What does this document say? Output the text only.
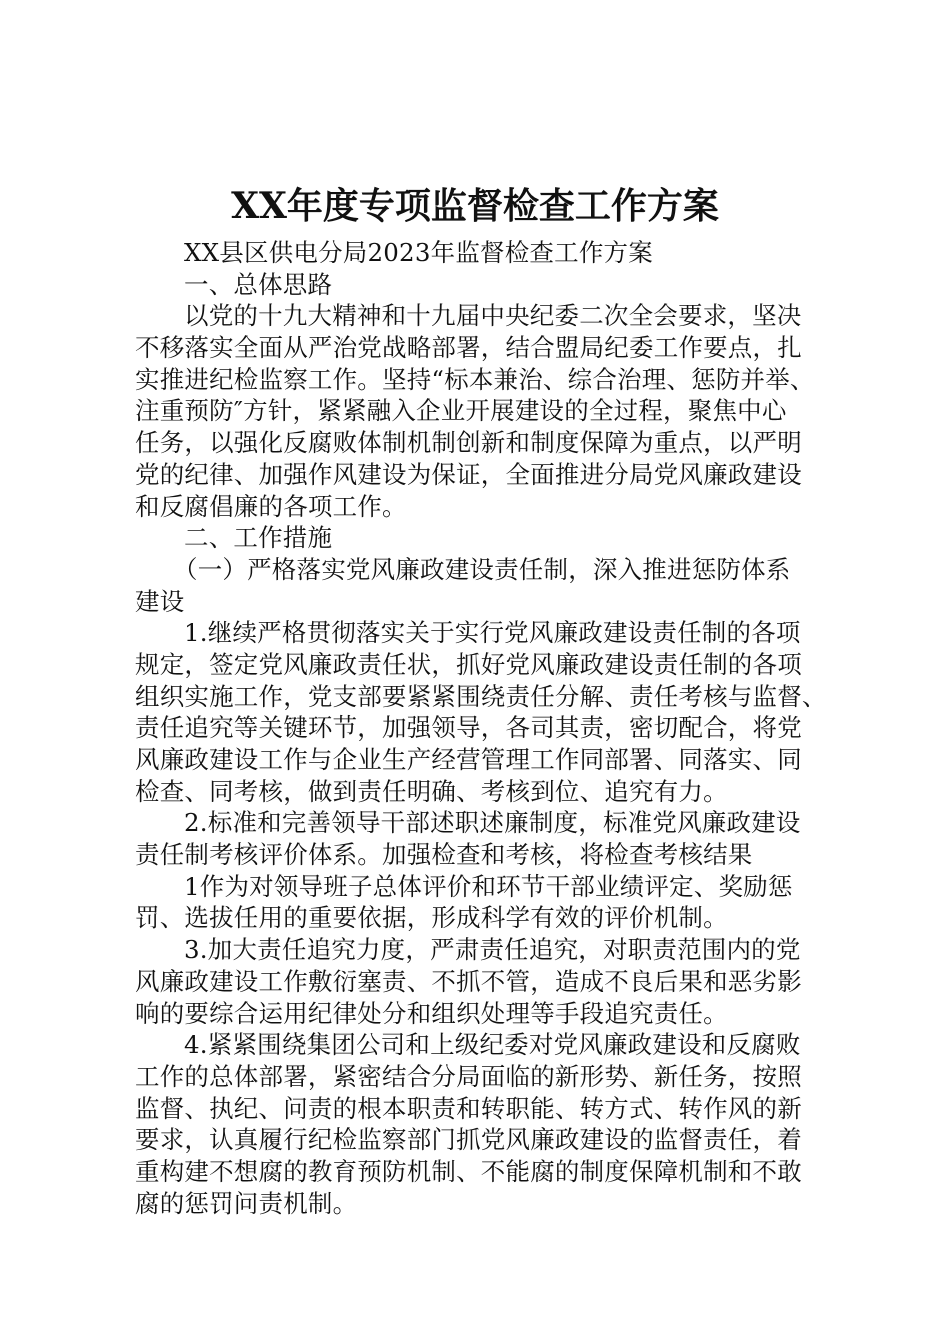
XX年度专项监督检查工作方案
XX县区供电分局2023年监督检查工作方案
一、总体思路
以党的十九大精神和十九届中央纪委二次全会要求，坚决
不移落实全面从严治党战略部署，结合盟局纪委工作要点，扎
实推进纪检监察工作。坚持“标本兼治、综合治理、惩防并举、
注重预防″方针，紧紧融入企业开展建设的全过程，聚焦中心
任务，以强化反腐败体制机制创新和制度保障为重点，以严明
党的纪律、加强作风建设为保证，全面推进分局党风廉政建设
和反腐倡廉的各项工作。
二、工作措施
（一）严格落实党风廉政建设责任制，深入推进惩防体系
建设
1.继续严格贯彻落实关于实行党风廉政建设责任制的各项
规定，签定党风廉政责任状，抓好党风廉政建设责任制的各项
组织实施工作，党支部要紧紧围绕责任分解、责任考核与监督、
责任追究等关键环节，加强领导，各司其责，密切配合，将党
风廉政建设工作与企业生产经营管理工作同部署、同落实、同
检查、同考核，做到责任明确、考核到位、追究有力。
2.标准和完善领导干部述职述廉制度，标准党风廉政建设
责任制考核评价体系。加强检查和考核，将检查考核结果
1作为对领导班子总体评价和环节干部业绩评定、奖励惩
罚、选拔任用的重要依据，形成科学有效的评价机制。
3.加大责任追究力度，严肃责任追究，对职责范围内的党
风廉政建设工作敷衍塞责、不抓不管，造成不良后果和恶劣影
响的要综合运用纪律处分和组织处理等手段追究责任。
4.紧紧围绕集团公司和上级纪委对党风廉政建设和反腐败
工作的总体部署，紧密结合分局面临的新形势、新任务，按照
监督、执纪、问责的根本职责和转职能、转方式、转作风的新
要求，认真履行纪检监察部门抓党风廉政建设的监督责任，着
重构建不想腐的教育预防机制、不能腐的制度保障机制和不敢
腐的惩罚问责机制。
